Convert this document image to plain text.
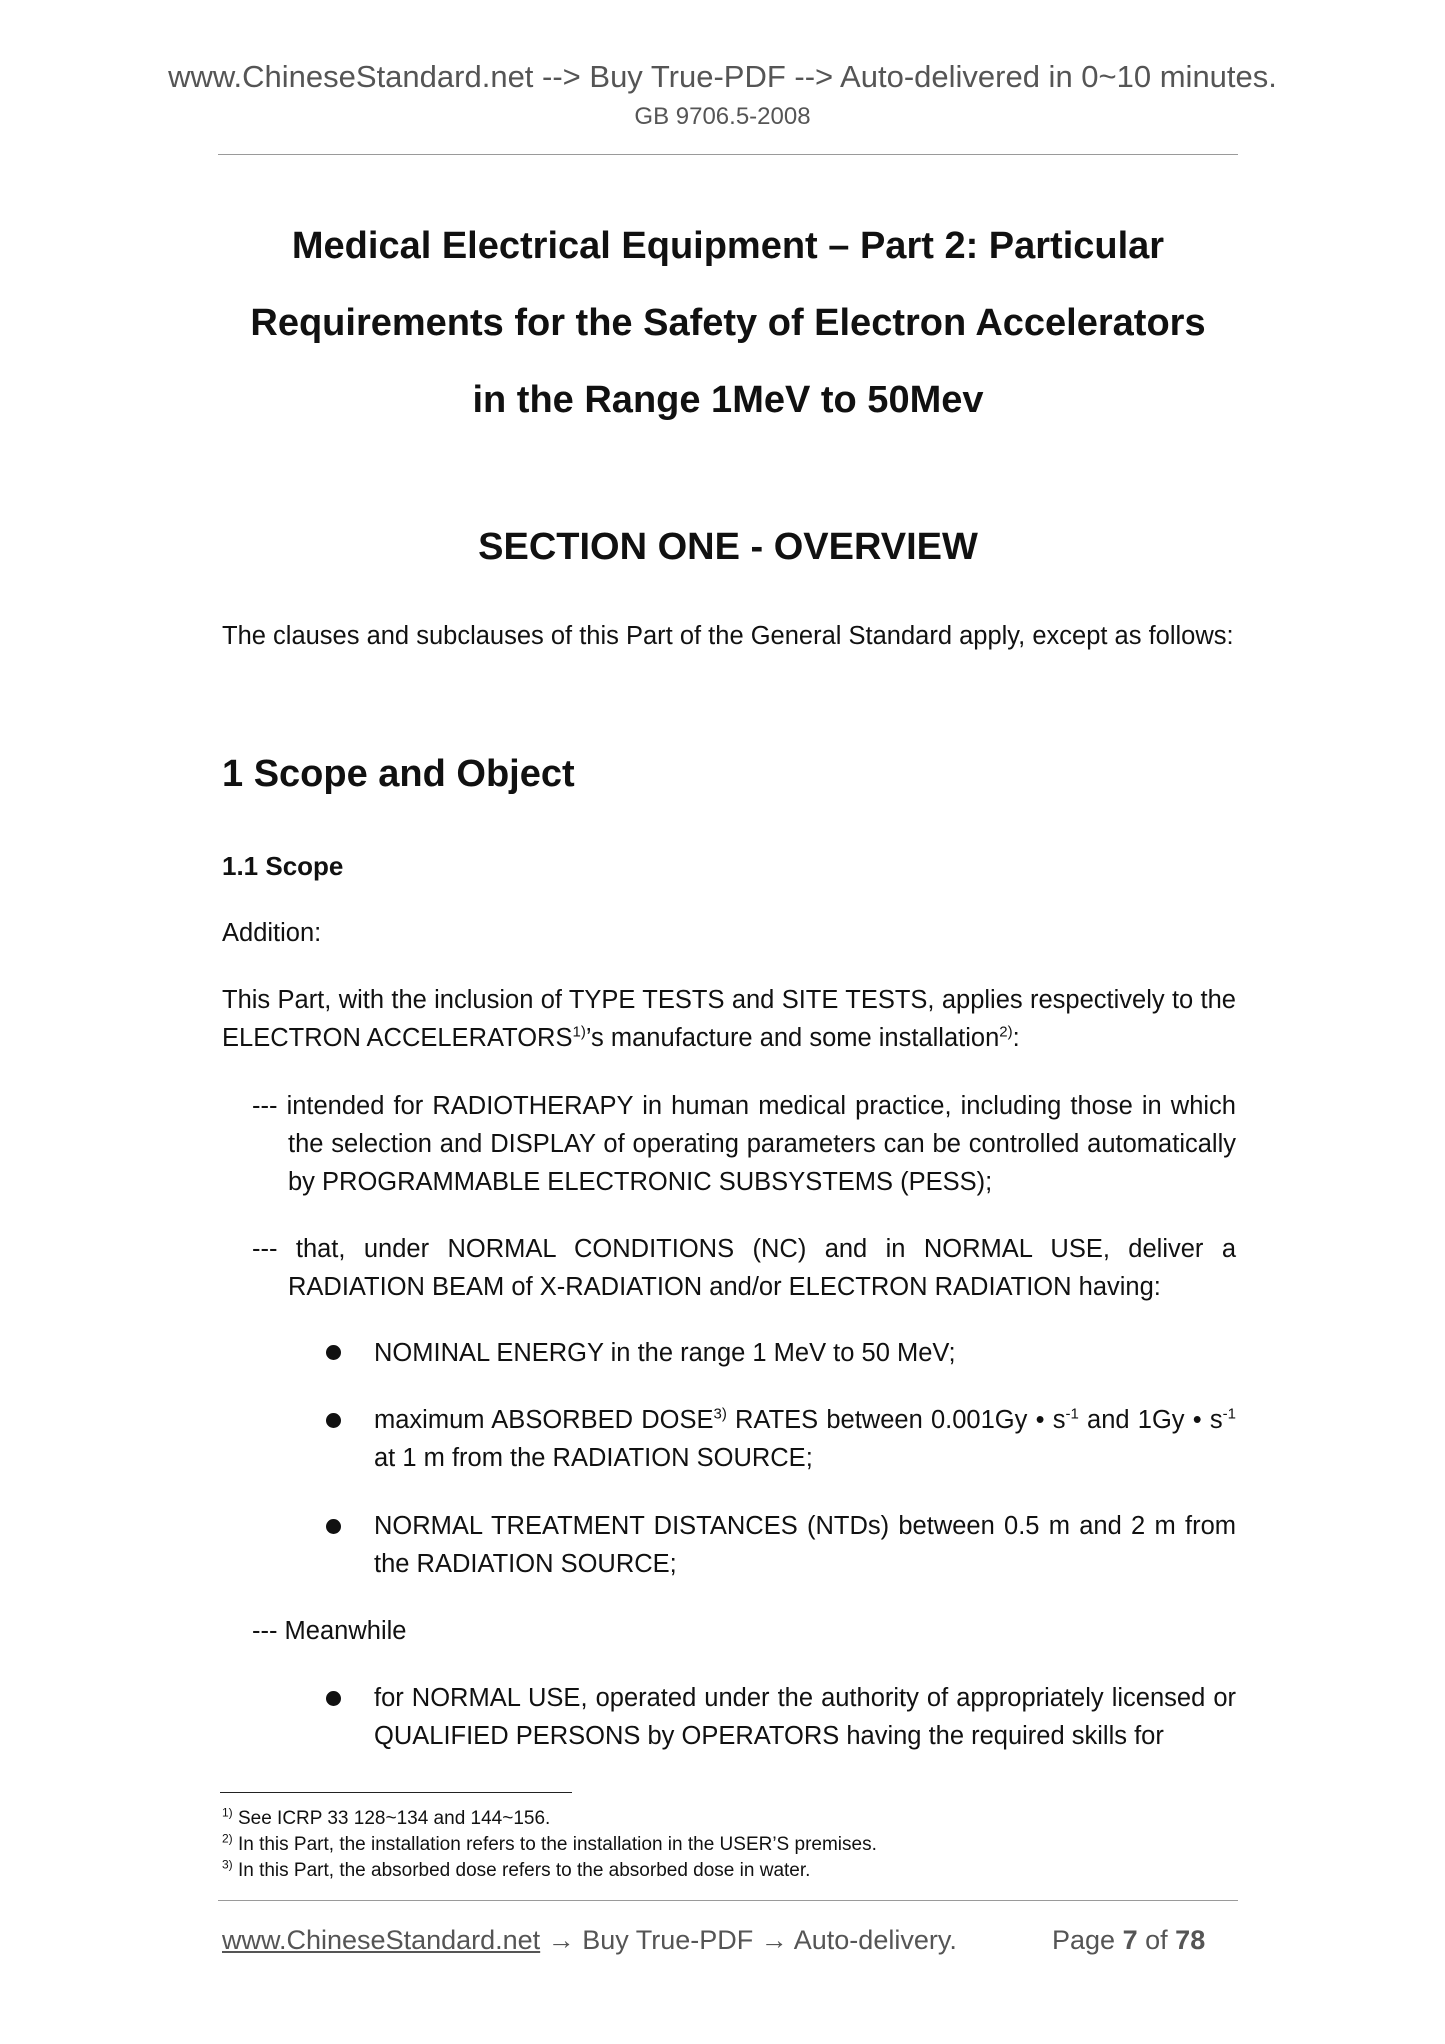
www.ChineseStandard.net --> Buy True-PDF --> Auto-delivered in 0~10 minutes.
GB 9706.5-2008
Medical Electrical Equipment – Part 2: Particular
Requirements for the Safety of Electron Accelerators
in the Range 1MeV to 50Mev
SECTION ONE - OVERVIEW
The clauses and subclauses of this Part of the General Standard apply, except as follows:
1 Scope and Object
1.1 Scope
Addition:
This Part, with the inclusion of TYPE TESTS and SITE TESTS, applies respectively to the ELECTRON ACCELERATORS$^{1)}$’s manufacture and some installation$^{2)}$:
--- intended for RADIOTHERAPY in human medical practice, including those in which the selection and DISPLAY of operating parameters can be controlled automatically by PROGRAMMABLE ELECTRONIC SUBSYSTEMS (PESS);
--- that, under NORMAL CONDITIONS (NC) and in NORMAL USE, deliver a RADIATION BEAM of X-RADIATION and/or ELECTRON RADIATION having:
NOMINAL ENERGY in the range 1 MeV to 50 MeV;
maximum ABSORBED DOSE$^{3)}$ RATES between 0.001Gy • $s^{-1}$ and 1Gy • $s^{-1}$ at 1 m from the RADIATION SOURCE;
NORMAL TREATMENT DISTANCES (NTDs) between 0.5 m and 2 m from the RADIATION SOURCE;
--- Meanwhile
for NORMAL USE, operated under the authority of appropriately licensed or QUALIFIED PERSONS by OPERATORS having the required skills for
$^{1)}$ See ICRP 33 128~134 and 144~156.
$^{2)}$ In this Part, the installation refers to the installation in the USER’S premises.
$^{3)}$ In this Part, the absorbed dose refers to the absorbed dose in water.
www.ChineseStandard.net → Buy True-PDF → Auto-delivery.	Page 7 of 78
